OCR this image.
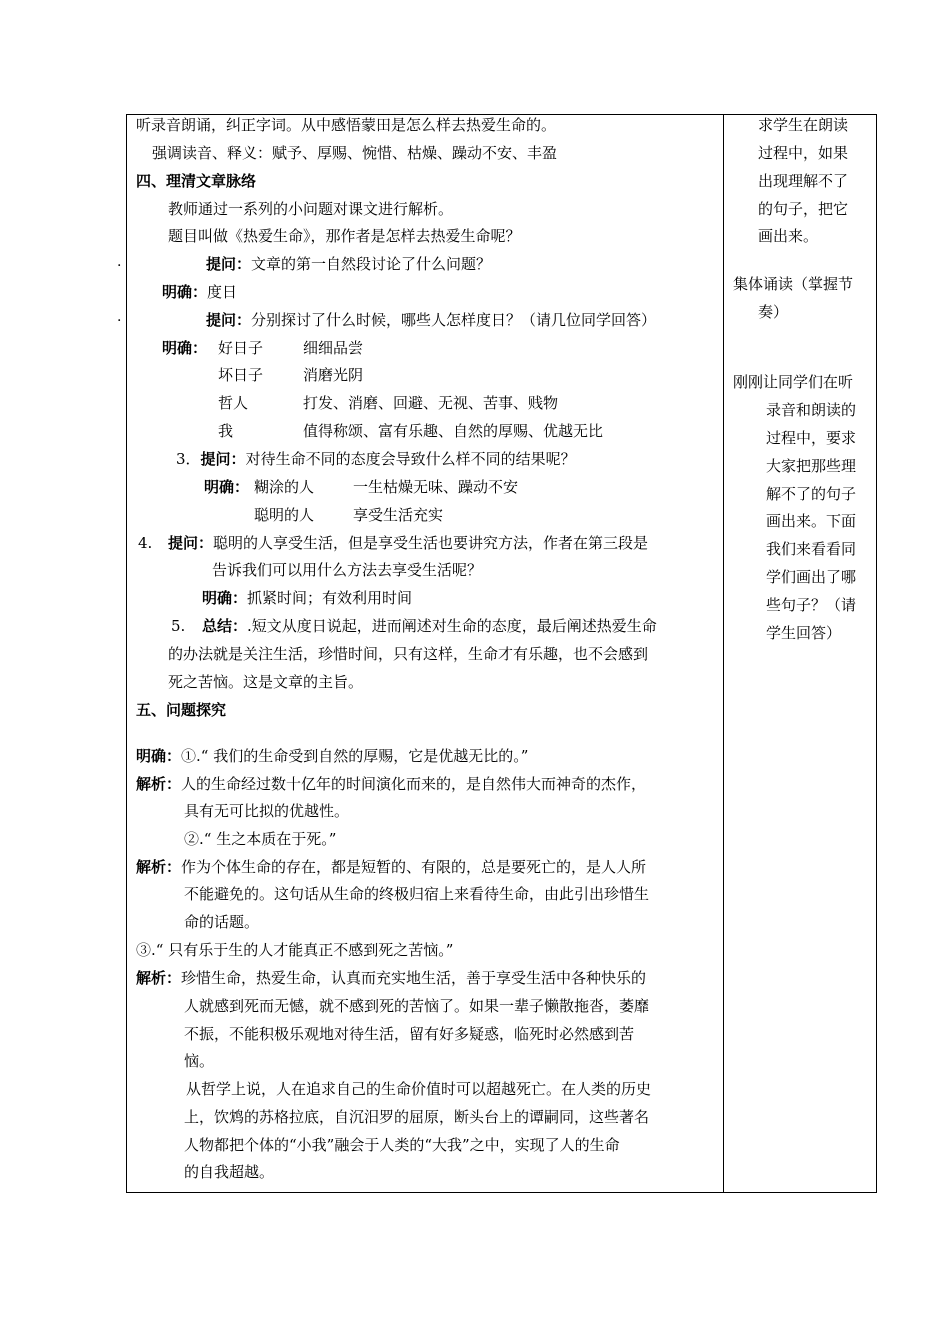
·
·
听录音朗诵，纠正字词。从中感悟蒙田是怎么样去热爱生命的。
强调读音、释义：赋予、厚赐、惋惜、枯燥、躁动不安、丰盈
四、理清文章脉络
教师通过一系列的小问题对课文进行解析。
题目叫做《热爱生命》，那作者是怎样去热爱生命呢？
提问：文章的第一自然段讨论了什么问题？
明确：度日
提问：分别探讨了什么时候，哪些人怎样度日？（请几位同学回答）
明确： 好日子	细细品尝
坏日子	消磨光阴
哲人	打发、消磨、回避、无视、苦事、贱物
我	值得称颂、富有乐趣、自然的厚赐、优越无比
3．提问：对待生命不同的态度会导致什么样不同的结果呢？
明确： 糊涂的人	一生枯燥无味、躁动不安
聪明的人	享受生活充实
4. 提问：聪明的人享受生活，但是享受生活也要讲究方法，作者在第三段是
告诉我们可以用什么方法去享受生活呢？
明确：抓紧时间；有效利用时间
5. 总结：.短文从度日说起，进而阐述对生命的态度，最后阐述热爱生命
的办法就是关注生活，珍惜时间，只有这样，生命才有乐趣，也不会感到
死之苦恼。这是文章的主旨。
五、问题探究
明确：①.“ 我们的生命受到自然的厚赐，它是优越无比的。”
解析：人的生命经过数十亿年的时间演化而来的，是自然伟大而神奇的杰作，
具有无可比拟的优越性。
②.“ 生之本质在于死。”
解析：作为个体生命的存在，都是短暂的、有限的，总是要死亡的，是人人所
不能避免的。这句话从生命的终极归宿上来看待生命，由此引出珍惜生
命的话题。
③.“ 只有乐于生的人才能真正不感到死之苦恼。”
解析：珍惜生命，热爱生命，认真而充实地生活，善于享受生活中各种快乐的
人就感到死而无憾，就不感到死的苦恼了。如果一辈子懒散拖沓，萎靡
不振，不能积极乐观地对待生活，留有好多疑惑，临死时必然感到苦
恼。
从哲学上说，人在追求自己的生命价值时可以超越死亡。在人类的历史
上，饮鸩的苏格拉底，自沉汨罗的屈原，断头台上的谭嗣同，这些著名
人物都把个体的“小我”融会于人类的“大我”之中，实现了人的生命
的自我超越。
求学生在朗读
过程中，如果
出现理解不了
的句子，把它
画出来。
集体诵读（掌握节
奏）
刚刚让同学们在听
录音和朗读的
过程中，要求
大家把那些理
解不了的句子
画出来。下面
我们来看看同
学们画出了哪
些句子？（请
学生回答）
